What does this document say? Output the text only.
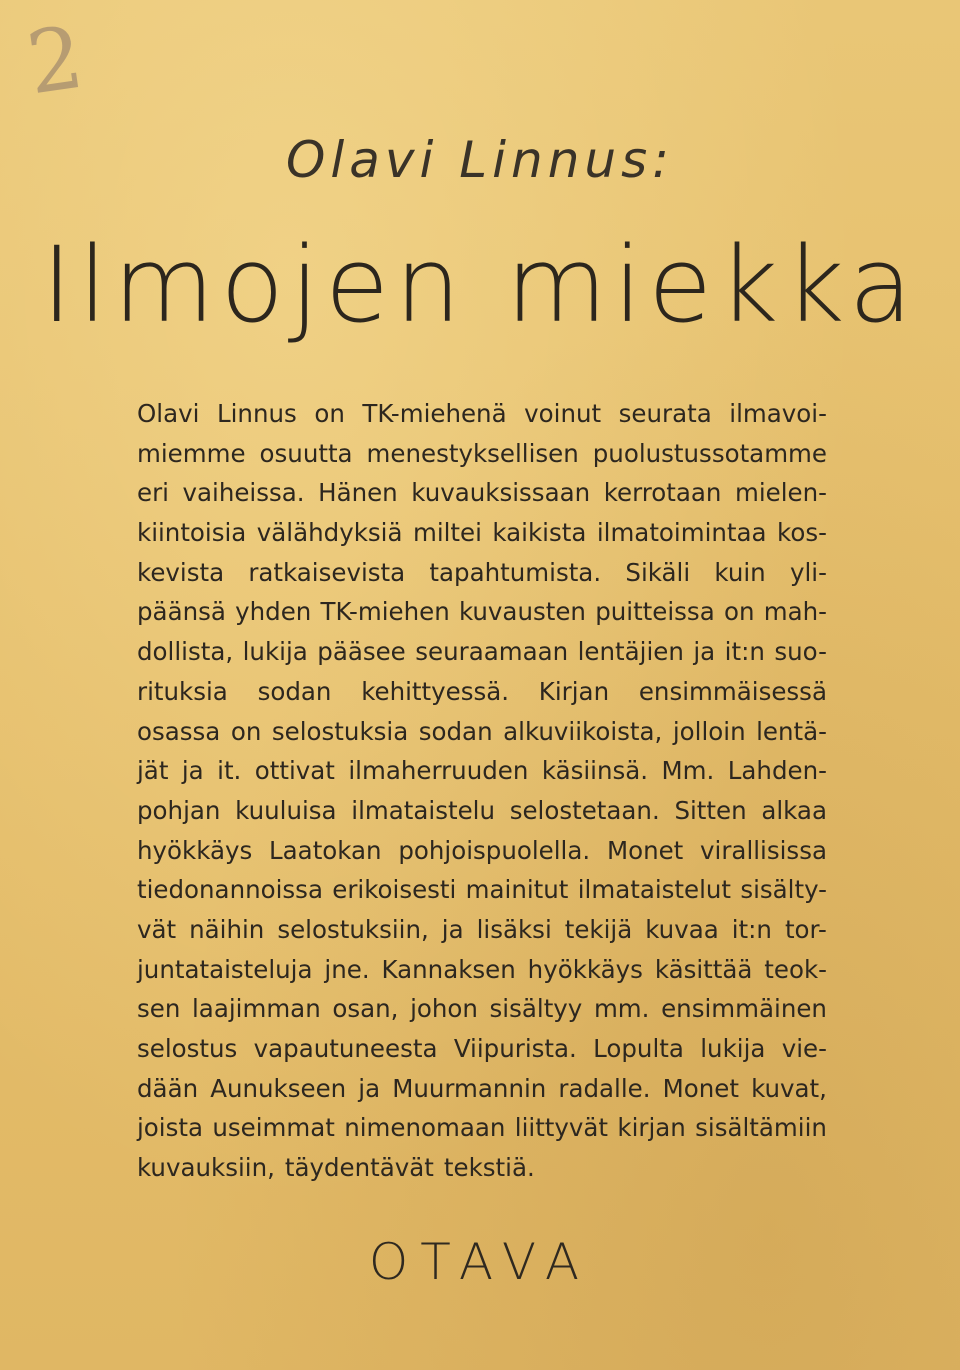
2
Olavi Linnus:
Ilmojen miekka
Olavi Linnus on TK-miehenä voinut seurata ilmavoi-
miemme osuutta menestyksellisen puolustussotamme
eri vaiheissa. Hänen kuvauksissaan kerrotaan mielen-
kiintoisia välähdyksiä miltei kaikista ilmatoimintaa kos-
kevista ratkaisevista tapahtumista. Sikäli kuin yli-
päänsä yhden TK-miehen kuvausten puitteissa on mah-
dollista, lukija pääsee seuraamaan lentäjien ja it:n suo-
rituksia sodan kehittyessä. Kirjan ensimmäisessä
osassa on selostuksia sodan alkuviikoista, jolloin lentä-
jät ja it. ottivat ilmaherruuden käsiinsä. Mm. Lahden-
pohjan kuuluisa ilmataistelu selostetaan. Sitten alkaa
hyökkäys Laatokan pohjoispuolella. Monet virallisissa
tiedonannoissa erikoisesti mainitut ilmataistelut sisälty-
vät näihin selostuksiin, ja lisäksi tekijä kuvaa it:n tor-
juntataisteluja jne. Kannaksen hyökkäys käsittää teok-
sen laajimman osan, johon sisältyy mm. ensimmäinen
selostus vapautuneesta Viipurista. Lopulta lukija vie-
dään Aunukseen ja Muurmannin radalle. Monet kuvat,
joista useimmat nimenomaan liittyvät kirjan sisältämiin
kuvauksiin, täydentävät tekstiä.
OTAVA
